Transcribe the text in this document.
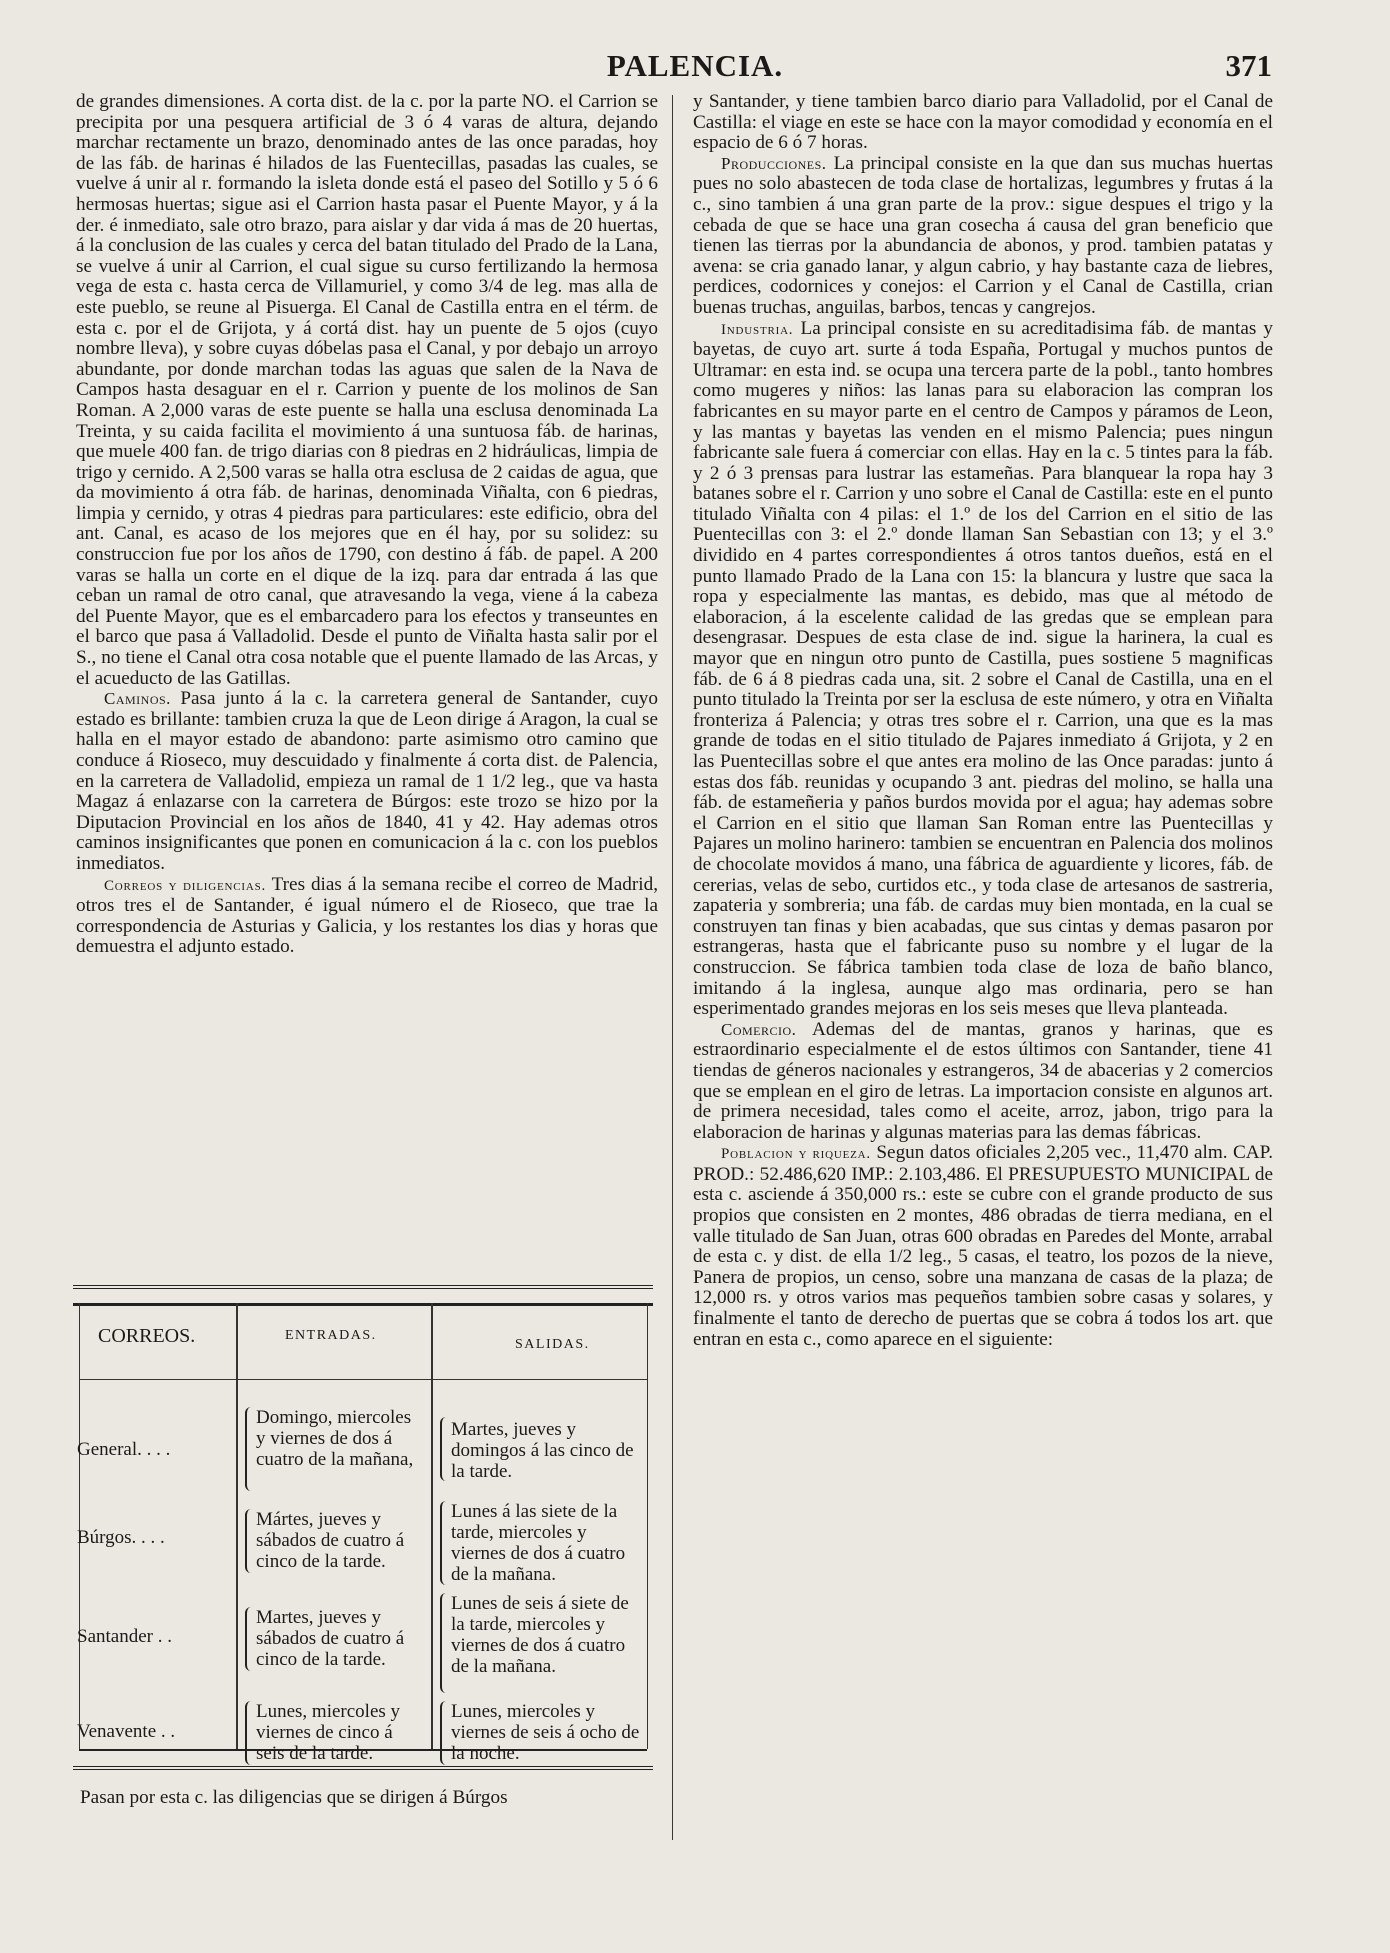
PALENCIA.	371

de grandes dimensiones. A corta dist. de la c. por la parte NO. el Carrion se precipita por una pesquera artificial de 3 ó 4 varas de altura, dejando marchar rectamente un brazo, denominado antes de las once paradas, hoy de las fáb. de harinas é hilados de las Fuentecillas, pasadas las cuales, se vuelve á unir al r. formando la isleta donde está el paseo del Sotillo y 5 ó 6 hermosas huertas; sigue asi el Carrion hasta pasar el Puente Mayor, y á la der. é inmediato, sale otro brazo, para aislar y dar vida á mas de 20 huertas, á la conclusion de las cuales y cerca del batan titulado del Prado de la Lana, se vuelve á unir al Carrion, el cual sigue su curso fertilizando la hermosa vega de esta c. hasta cerca de Villamuriel, y como 3/4 de leg. mas alla de este pueblo, se reune al Pisuerga. El Canal de Castilla entra en el térm. de esta c. por el de Grijota, y á cortá dist. hay un puente de 5 ojos (cuyo nombre lleva), y sobre cuyas dóbelas pasa el Canal, y por debajo un arroyo abundante, por donde marchan todas las aguas que salen de la Nava de Campos hasta desaguar en el r. Carrion y puente de los molinos de San Roman. A 2,000 varas de este puente se halla una esclusa denominada La Treinta, y su caida facilita el movimiento á una suntuosa fáb. de harinas, que muele 400 fan. de trigo diarias con 8 piedras en 2 hidráulicas, limpia de trigo y cernido. A 2,500 varas se halla otra esclusa de 2 caidas de agua, que da movimiento á otra fáb. de harinas, denominada Viñalta, con 6 piedras, limpia y cernido, y otras 4 piedras para particulares: este edificio, obra del ant. Canal, es acaso de los mejores que en él hay, por su solidez: su construccion fue por los años de 1790, con destino á fáb. de papel. A 200 varas se halla un corte en el dique de la izq. para dar entrada á las que ceban un ramal de otro canal, que atravesando la vega, viene á la cabeza del Puente Mayor, que es el embarcadero para los efectos y transeuntes en el barco que pasa á Valladolid. Desde el punto de Viñalta hasta salir por el S., no tiene el Canal otra cosa notable que el puente llamado de las Arcas, y el acueducto de las Gatillas.

Caminos. Pasa junto á la c. la carretera general de Santander, cuyo estado es brillante: tambien cruza la que de Leon dirige á Aragon, la cual se halla en el mayor estado de abandono: parte asimismo otro camino que conduce á Rioseco, muy descuidado y finalmente á corta dist. de Palencia, en la carretera de Valladolid, empieza un ramal de 1 1/2 leg., que va hasta Magaz á enlazarse con la carretera de Búrgos: este trozo se hizo por la Diputacion Provincial en los años de 1840, 41 y 42. Hay ademas otros caminos insignificantes que ponen en comunicacion á la c. con los pueblos inmediatos.

Correos y diligencias. Tres dias á la semana recibe el correo de Madrid, otros tres el de Santander, é igual número el de Rioseco, que trae la correspondencia de Asturias y Galicia, y los restantes los dias y horas que demuestra el adjunto estado.

CORREOS.	ENTRADAS.
SALIDAS.
General. . . .
Domingo, miercoles y viernes de dos á cuatro de la mañana,
Martes, jueves y domingos á las cinco de la tarde.
Búrgos. . . .
Mártes, jueves y sábados de cuatro á cinco de la tarde.
Lunes á las siete de la tarde, miercoles y viernes de dos á cuatro de la mañana.
Santander . .
Martes, jueves y sábados de cuatro á cinco de la tarde.
Lunes de seis á siete de la tarde, miercoles y viernes de dos á cuatro de la mañana.
Venavente . .
Lunes, miercoles y viernes de cinco á seis de la tarde.
Lunes, miercoles y viernes de seis á ocho de la noche.
Pasan por esta c. las diligencias que se dirigen á Búrgos

y Santander, y tiene tambien barco diario para Valladolid, por el Canal de Castilla: el viage en este se hace con la mayor comodidad y economía en el espacio de 6 ó 7 horas.

Producciones. La principal consiste en la que dan sus muchas huertas pues no solo abastecen de toda clase de hortalizas, legumbres y frutas á la c., sino tambien á una gran parte de la prov.: sigue despues el trigo y la cebada de que se hace una gran cosecha á causa del gran beneficio que tienen las tierras por la abundancia de abonos, y prod. tambien patatas y avena: se cria ganado lanar, y algun cabrio, y hay bastante caza de liebres, perdices, codornices y conejos: el Carrion y el Canal de Castilla, crian buenas truchas, anguilas, barbos, tencas y cangrejos.

Industria. La principal consiste en su acreditadisima fáb. de mantas y bayetas, de cuyo art. surte á toda España, Portugal y muchos puntos de Ultramar: en esta ind. se ocupa una tercera parte de la pobl., tanto hombres como mugeres y niños: las lanas para su elaboracion las compran los fabricantes en su mayor parte en el centro de Campos y páramos de Leon, y las mantas y bayetas las venden en el mismo Palencia; pues ningun fabricante sale fuera á comerciar con ellas. Hay en la c. 5 tintes para la fáb. y 2 ó 3 prensas para lustrar las estameñas. Para blanquear la ropa hay 3 batanes sobre el r. Carrion y uno sobre el Canal de Castilla: este en el punto titulado Viñalta con 4 pilas: el 1.º de los del Carrion en el sitio de las Puentecillas con 3: el 2.º donde llaman San Sebastian con 13; y el 3.º dividido en 4 partes correspondientes á otros tantos dueños, está en el punto llamado Prado de la Lana con 15: la blancura y lustre que saca la ropa y especialmente las mantas, es debido, mas que al método de elaboracion, á la escelente calidad de las gredas que se emplean para desengrasar. Despues de esta clase de ind. sigue la harinera, la cual es mayor que en ningun otro punto de Castilla, pues sostiene 5 magnificas fáb. de 6 á 8 piedras cada una, sit. 2 sobre el Canal de Castilla, una en el punto titulado la Treinta por ser la esclusa de este número, y otra en Viñalta fronteriza á Palencia; y otras tres sobre el r. Carrion, una que es la mas grande de todas en el sitio titulado de Pajares inmediato á Grijota, y 2 en las Puentecillas sobre el que antes era molino de las Once paradas: junto á estas dos fáb. reunidas y ocupando 3 ant. piedras del molino, se halla una fáb. de estameñeria y paños burdos movida por el agua; hay ademas sobre el Carrion en el sitio que llaman San Roman entre las Puentecillas y Pajares un molino harinero: tambien se encuentran en Palencia dos molinos de chocolate movidos á mano, una fábrica de aguardiente y licores, fáb. de cererias, velas de sebo, curtidos etc., y toda clase de artesanos de sastreria, zapateria y sombreria; una fáb. de cardas muy bien montada, en la cual se construyen tan finas y bien acabadas, que sus cintas y demas pasaron por estrangeras, hasta que el fabricante puso su nombre y el lugar de la construccion. Se fábrica tambien toda clase de loza de baño blanco, imitando á la inglesa, aunque algo mas ordinaria, pero se han esperimentado grandes mejoras en los seis meses que lleva planteada.

Comercio. Ademas del de mantas, granos y harinas, que es estraordinario especialmente el de estos últimos con Santander, tiene 41 tiendas de géneros nacionales y estrangeros, 34 de abacerias y 2 comercios que se emplean en el giro de letras. La importacion consiste en algunos art. de primera necesidad, tales como el aceite, arroz, jabon, trigo para la elaboracion de harinas y algunas materias para las demas fábricas.

Poblacion y riqueza. Segun datos oficiales 2,205 vec., 11,470 alm. CAP. PROD.: 52.486,620 IMP.: 2.103,486. El PRESUPUESTO MUNICIPAL de esta c. asciende á 350,000 rs.: este se cubre con el grande producto de sus propios que consisten en 2 montes, 486 obradas de tierra mediana, en el valle titulado de San Juan, otras 600 obradas en Paredes del Monte, arrabal de esta c. y dist. de ella 1/2 leg., 5 casas, el teatro, los pozos de la nieve, Panera de propios, un censo, sobre una manzana de casas de la plaza; de 12,000 rs. y otros varios mas pequeños tambien sobre casas y solares, y finalmente el tanto de derecho de puertas que se cobra á todos los art. que entran en esta c., como aparece en el siguiente:
